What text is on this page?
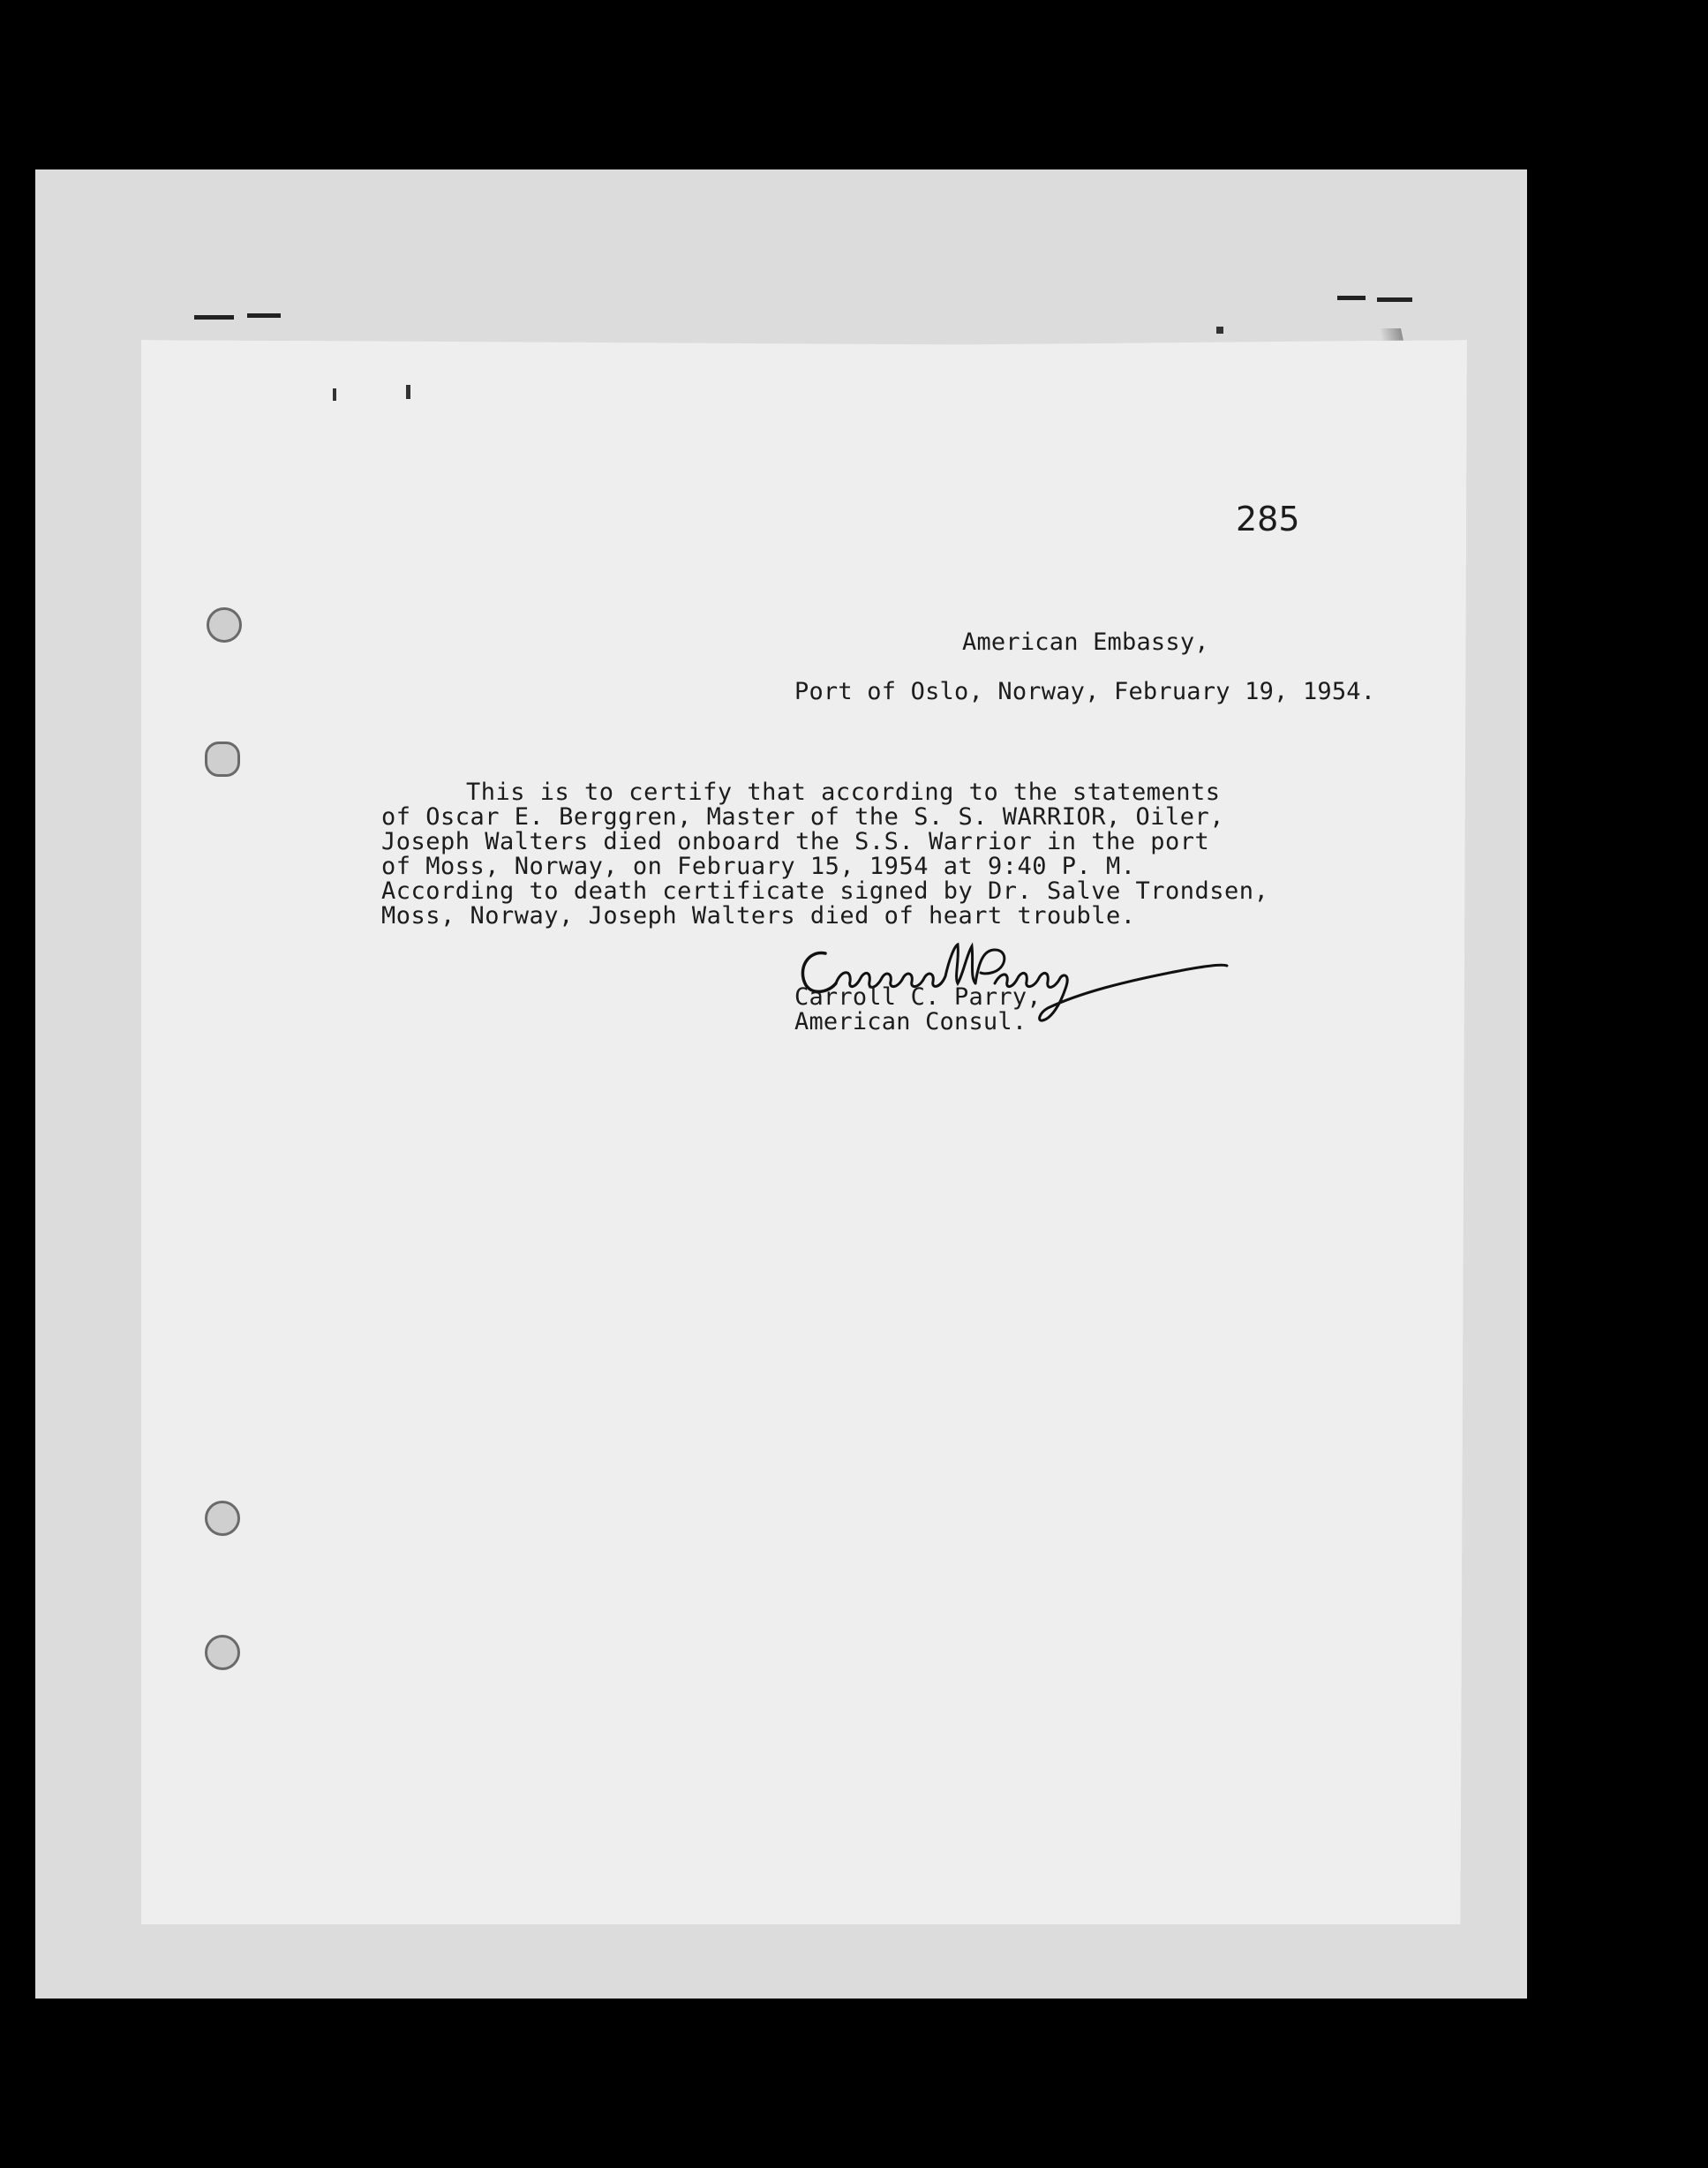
285
American Embassy,
Port of Oslo, Norway, February 19, 1954.
This is to certify that according to the statements
of Oscar E. Berggren, Master of the S. S. WARRIOR, Oiler,
Joseph Walters died onboard the S.S. Warrior in the port
of Moss, Norway, on February 15, 1954 at 9:40 P. M.
According to death certificate signed by Dr. Salve Trondsen,
Moss, Norway, Joseph Walters died of heart trouble.
Carroll C. Parry,
American Consul.
